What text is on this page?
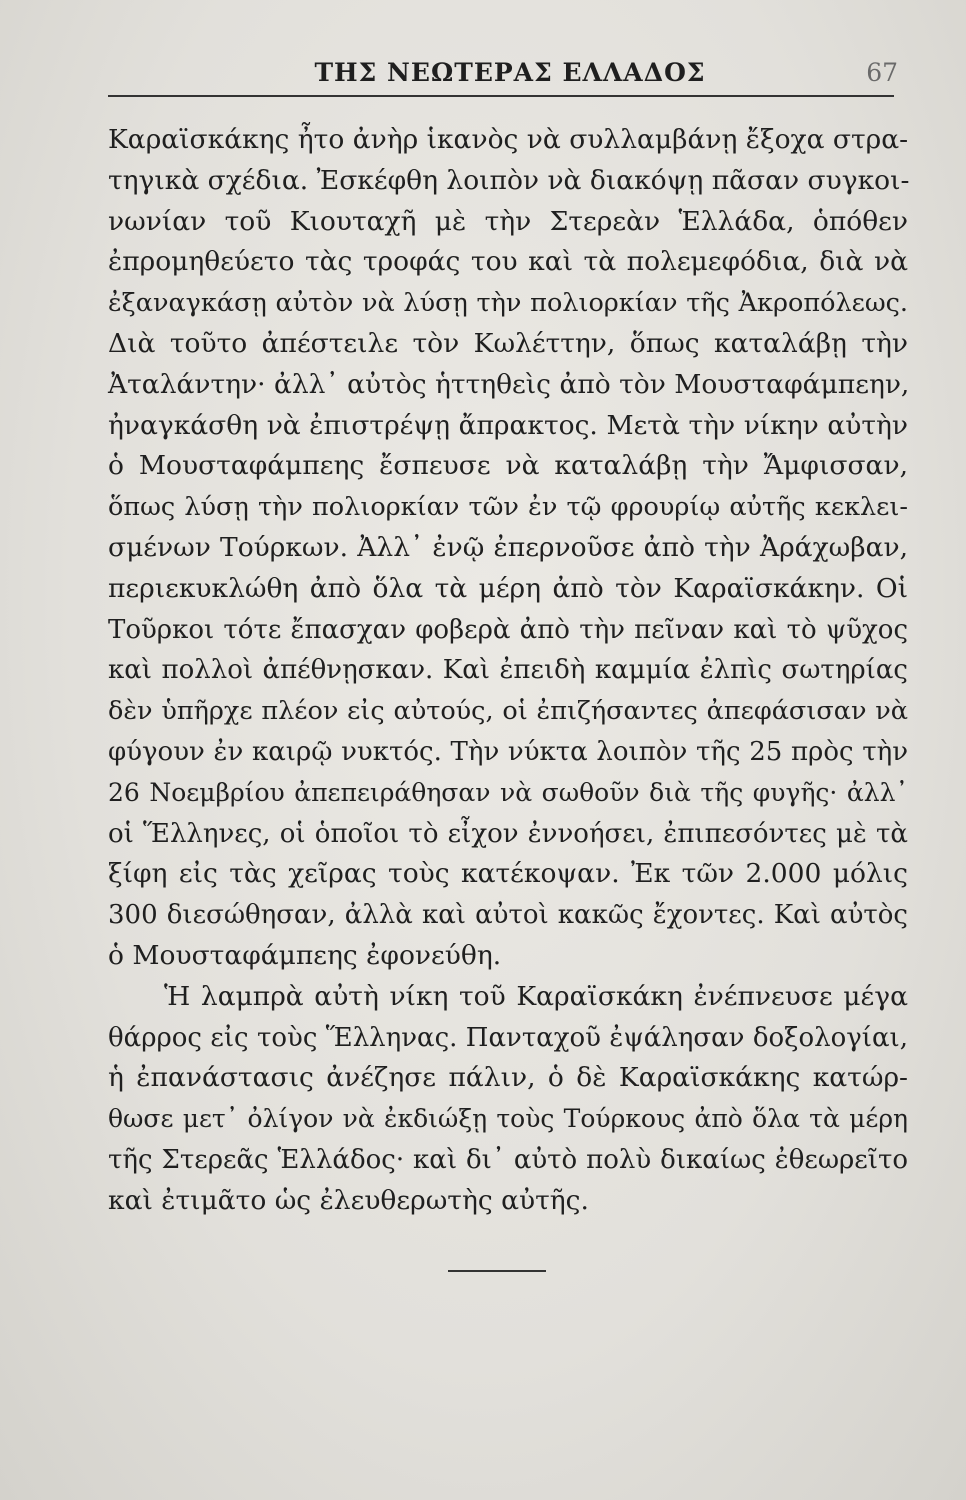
ΤΗΣ ΝΕΩΤΕΡΑΣ ΕΛΛΑΔΟΣ	67
Καραϊσκάκης ἦτο ἀνὴρ ἱκανὸς νὰ συλλαμβάνῃ ἔξοχα στρα-
τηγικὰ σχέδια. Ἐσκέφθη λοιπὸν νὰ διακόψῃ πᾶσαν συγκοι-
νωνίαν τοῦ Κιουταχῆ μὲ τὴν Στερεὰν Ἑλλάδα, ὁπόθεν
ἐπρομηθεύετο τὰς τροφάς του καὶ τὰ πολεμεφόδια, διὰ νὰ
ἐξαναγκάσῃ αὐτὸν νὰ λύσῃ τὴν πολιορκίαν τῆς Ἀκροπόλεως.
Διὰ τοῦτο ἀπέστειλε τὸν Κωλέττην, ὅπως καταλάβῃ τὴν
Ἀταλάντην· ἀλλ᾽ αὐτὸς ἡττηθεὶς ἀπὸ τὸν Μουσταφάμπεην,
ἠναγκάσθη νὰ ἐπιστρέψῃ ἄπρακτος. Μετὰ τὴν νίκην αὐτὴν
ὁ Μουσταφάμπεης ἔσπευσε νὰ καταλάβῃ τὴν Ἄμφισσαν,
ὅπως λύσῃ τὴν πολιορκίαν τῶν ἐν τῷ φρουρίῳ αὐτῆς κεκλει-
σμένων Τούρκων. Ἀλλ᾽ ἐνῷ ἐπερνοῦσε ἀπὸ τὴν Ἀράχωβαν,
περιεκυκλώθη ἀπὸ ὅλα τὰ μέρη ἀπὸ τὸν Καραϊσκάκην. Οἱ
Τοῦρκοι τότε ἔπασχαν φοβερὰ ἀπὸ τὴν πεῖναν καὶ τὸ ψῦχος
καὶ πολλοὶ ἀπέθνῃσκαν. Καὶ ἐπειδὴ καμμία ἐλπὶς σωτηρίας
δὲν ὑπῆρχε πλέον εἰς αὐτούς, οἱ ἐπιζήσαντες ἀπεφάσισαν νὰ
φύγουν ἐν καιρῷ νυκτός. Τὴν νύκτα λοιπὸν τῆς 25 πρὸς τὴν
26 Νοεμβρίου ἀπεπειράθησαν νὰ σωθοῦν διὰ τῆς φυγῆς· ἀλλ᾽
οἱ Ἕλληνες, οἱ ὁποῖοι τὸ εἶχον ἐννοήσει, ἐπιπεσόντες μὲ τὰ
ξίφη εἰς τὰς χεῖρας τοὺς κατέκοψαν. Ἐκ τῶν 2.000 μόλις
300 διεσώθησαν, ἀλλὰ καὶ αὐτοὶ κακῶς ἔχοντες. Καὶ αὐτὸς
ὁ Μουσταφάμπεης ἐφονεύθη.
Ἡ λαμπρὰ αὐτὴ νίκη τοῦ Καραϊσκάκη ἐνέπνευσε μέγα
θάρρος εἰς τοὺς Ἕλληνας. Πανταχοῦ ἐψάλησαν δοξολογίαι,
ἡ ἐπανάστασις ἀνέζησε πάλιν, ὁ δὲ Καραϊσκάκης κατώρ-
θωσε μετ᾽ ὀλίγον νὰ ἐκδιώξῃ τοὺς Τούρκους ἀπὸ ὅλα τὰ μέρη
τῆς Στερεᾶς Ἑλλάδος· καὶ δι᾽ αὐτὸ πολὺ δικαίως ἐθεωρεῖτο
καὶ ἐτιμᾶτο ὡς ἐλευθερωτὴς αὐτῆς.
